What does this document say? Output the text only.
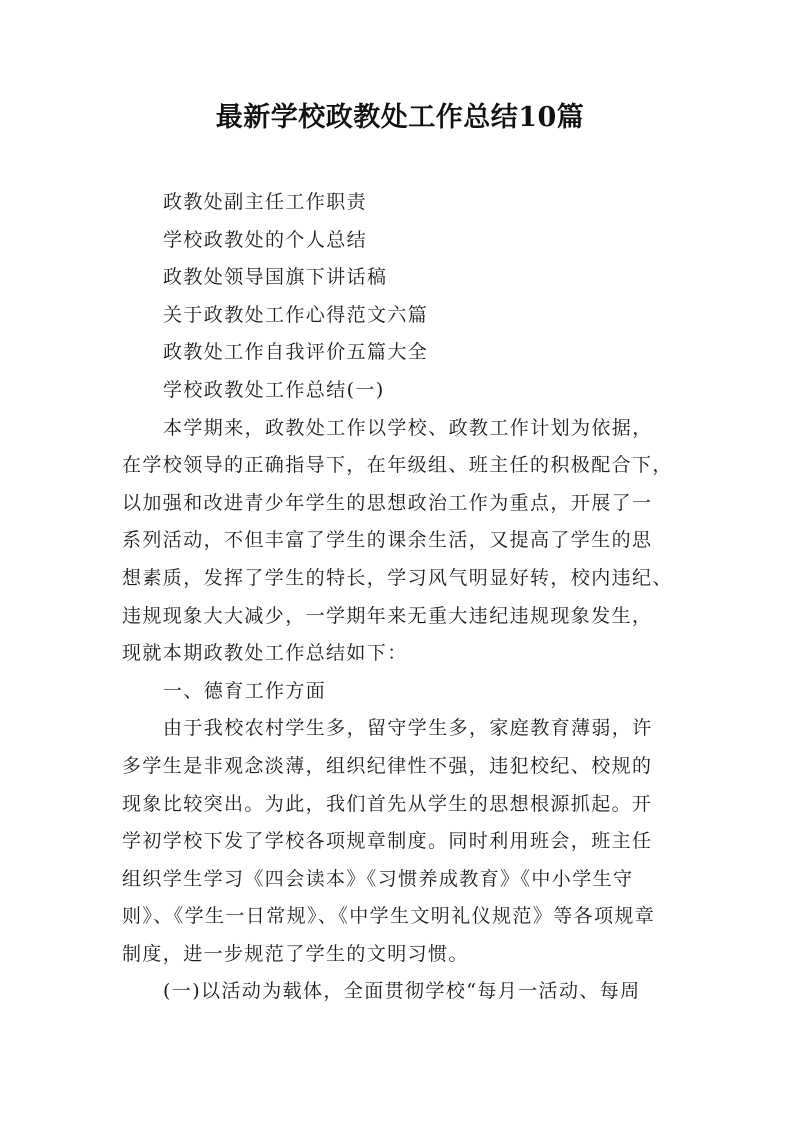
最新学校政教处工作总结10篇

政教处副主任工作职责

学校政教处的个人总结

政教处领导国旗下讲话稿

关于政教处工作心得范文六篇

政教处工作自我评价五篇大全

学校政教处工作总结(一)

本学期来，政教处工作以学校、政教工作计划为依据，

在学校领导的正确指导下，在年级组、班主任的积极配合下，

以加强和改进青少年学生的思想政治工作为重点，开展了一

系列活动，不但丰富了学生的课余生活，又提高了学生的思

想素质，发挥了学生的特长，学习风气明显好转，校内违纪、

违规现象大大减少，一学期年来无重大违纪违规现象发生，

现就本期政教处工作总结如下：

一、德育工作方面

由于我校农村学生多，留守学生多，家庭教育薄弱，许

多学生是非观念淡薄，组织纪律性不强，违犯校纪、校规的

现象比较突出。为此，我们首先从学生的思想根源抓起。开

学初学校下发了学校各项规章制度。同时利用班会，班主任

组织学生学习《四会读本》《习惯养成教育》《中小学生守

则》、《学生一日常规》、《中学生文明礼仪规范》等各项规章

制度，进一步规范了学生的文明习惯。

(一)以活动为载体，全面贯彻学校“每月一活动、每周
